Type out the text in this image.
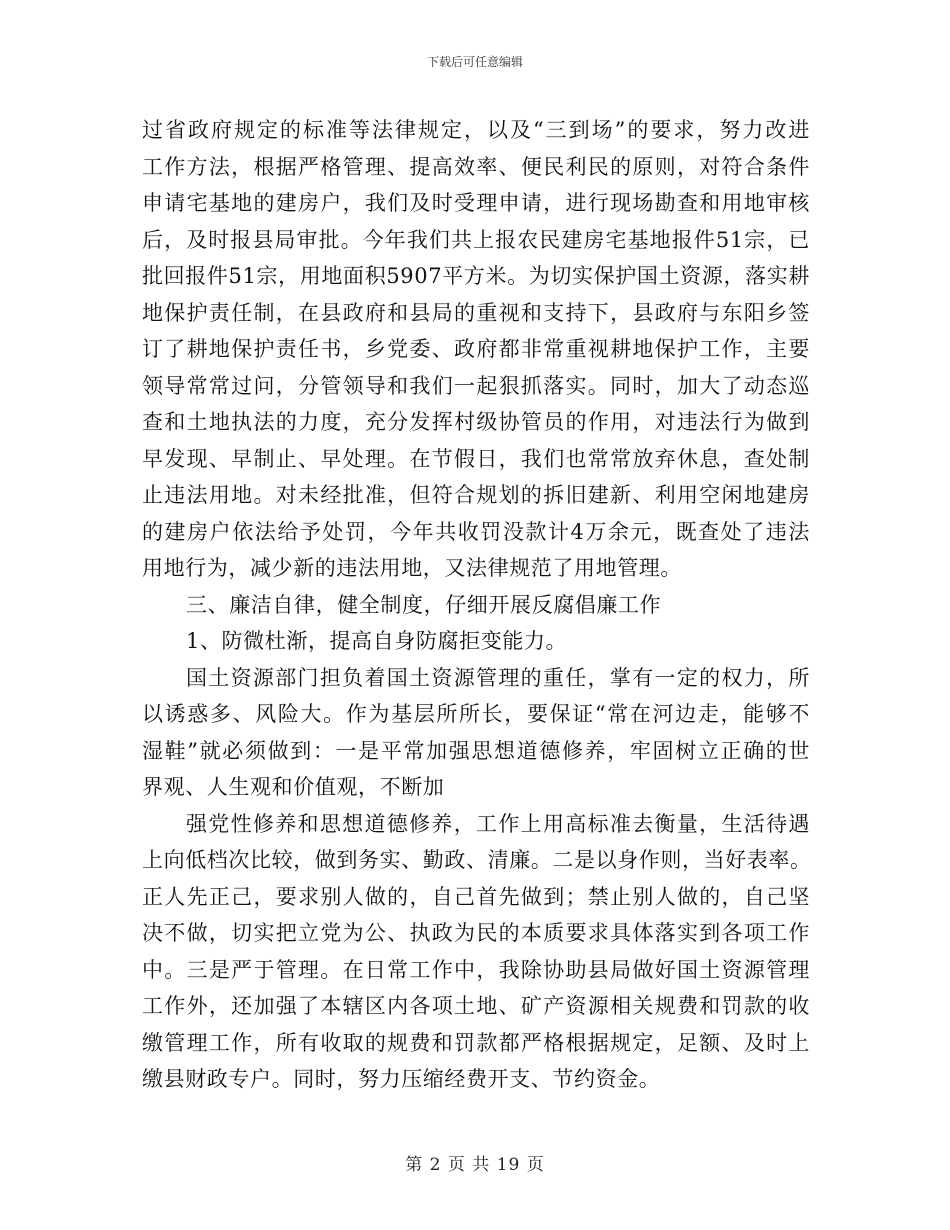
下载后可任意编辑
过省政府规定的标准等法律规定，以及“三到场”的要求，努力改进
工作方法，根据严格管理、提高效率、便民利民的原则，对符合条件
申请宅基地的建房户，我们及时受理申请，进行现场勘查和用地审核
后，及时报县局审批。今年我们共上报农民建房宅基地报件51宗，已
批回报件51宗，用地面积5907平方米。为切实保护国土资源，落实耕
地保护责任制，在县政府和县局的重视和支持下，县政府与东阳乡签
订了耕地保护责任书，乡党委、政府都非常重视耕地保护工作，主要
领导常常过问，分管领导和我们一起狠抓落实。同时，加大了动态巡
查和土地执法的力度，充分发挥村级协管员的作用，对违法行为做到
早发现、早制止、早处理。在节假日，我们也常常放弃休息，查处制
止违法用地。对未经批准，但符合规划的拆旧建新、利用空闲地建房
的建房户依法给予处罚，今年共收罚没款计4万余元，既查处了违法
用地行为，减少新的违法用地，又法律规范了用地管理。
三、廉洁自律，健全制度，仔细开展反腐倡廉工作
1、防微杜渐，提高自身防腐拒变能力。
国土资源部门担负着国土资源管理的重任，掌有一定的权力，所
以诱惑多、风险大。作为基层所所长，要保证“常在河边走，能够不
湿鞋”就必须做到：一是平常加强思想道德修养，牢固树立正确的世
界观、人生观和价值观，不断加
强党性修养和思想道德修养，工作上用高标准去衡量，生活待遇
上向低档次比较，做到务实、勤政、清廉。二是以身作则，当好表率。
正人先正己，要求别人做的，自己首先做到；禁止别人做的，自己坚
决不做，切实把立党为公、执政为民的本质要求具体落实到各项工作
中。三是严于管理。在日常工作中，我除协助县局做好国土资源管理
工作外，还加强了本辖区内各项土地、矿产资源相关规费和罚款的收
缴管理工作，所有收取的规费和罚款都严格根据规定，足额、及时上
缴县财政专户。同时，努力压缩经费开支、节约资金。
第 2 页 共 19 页
